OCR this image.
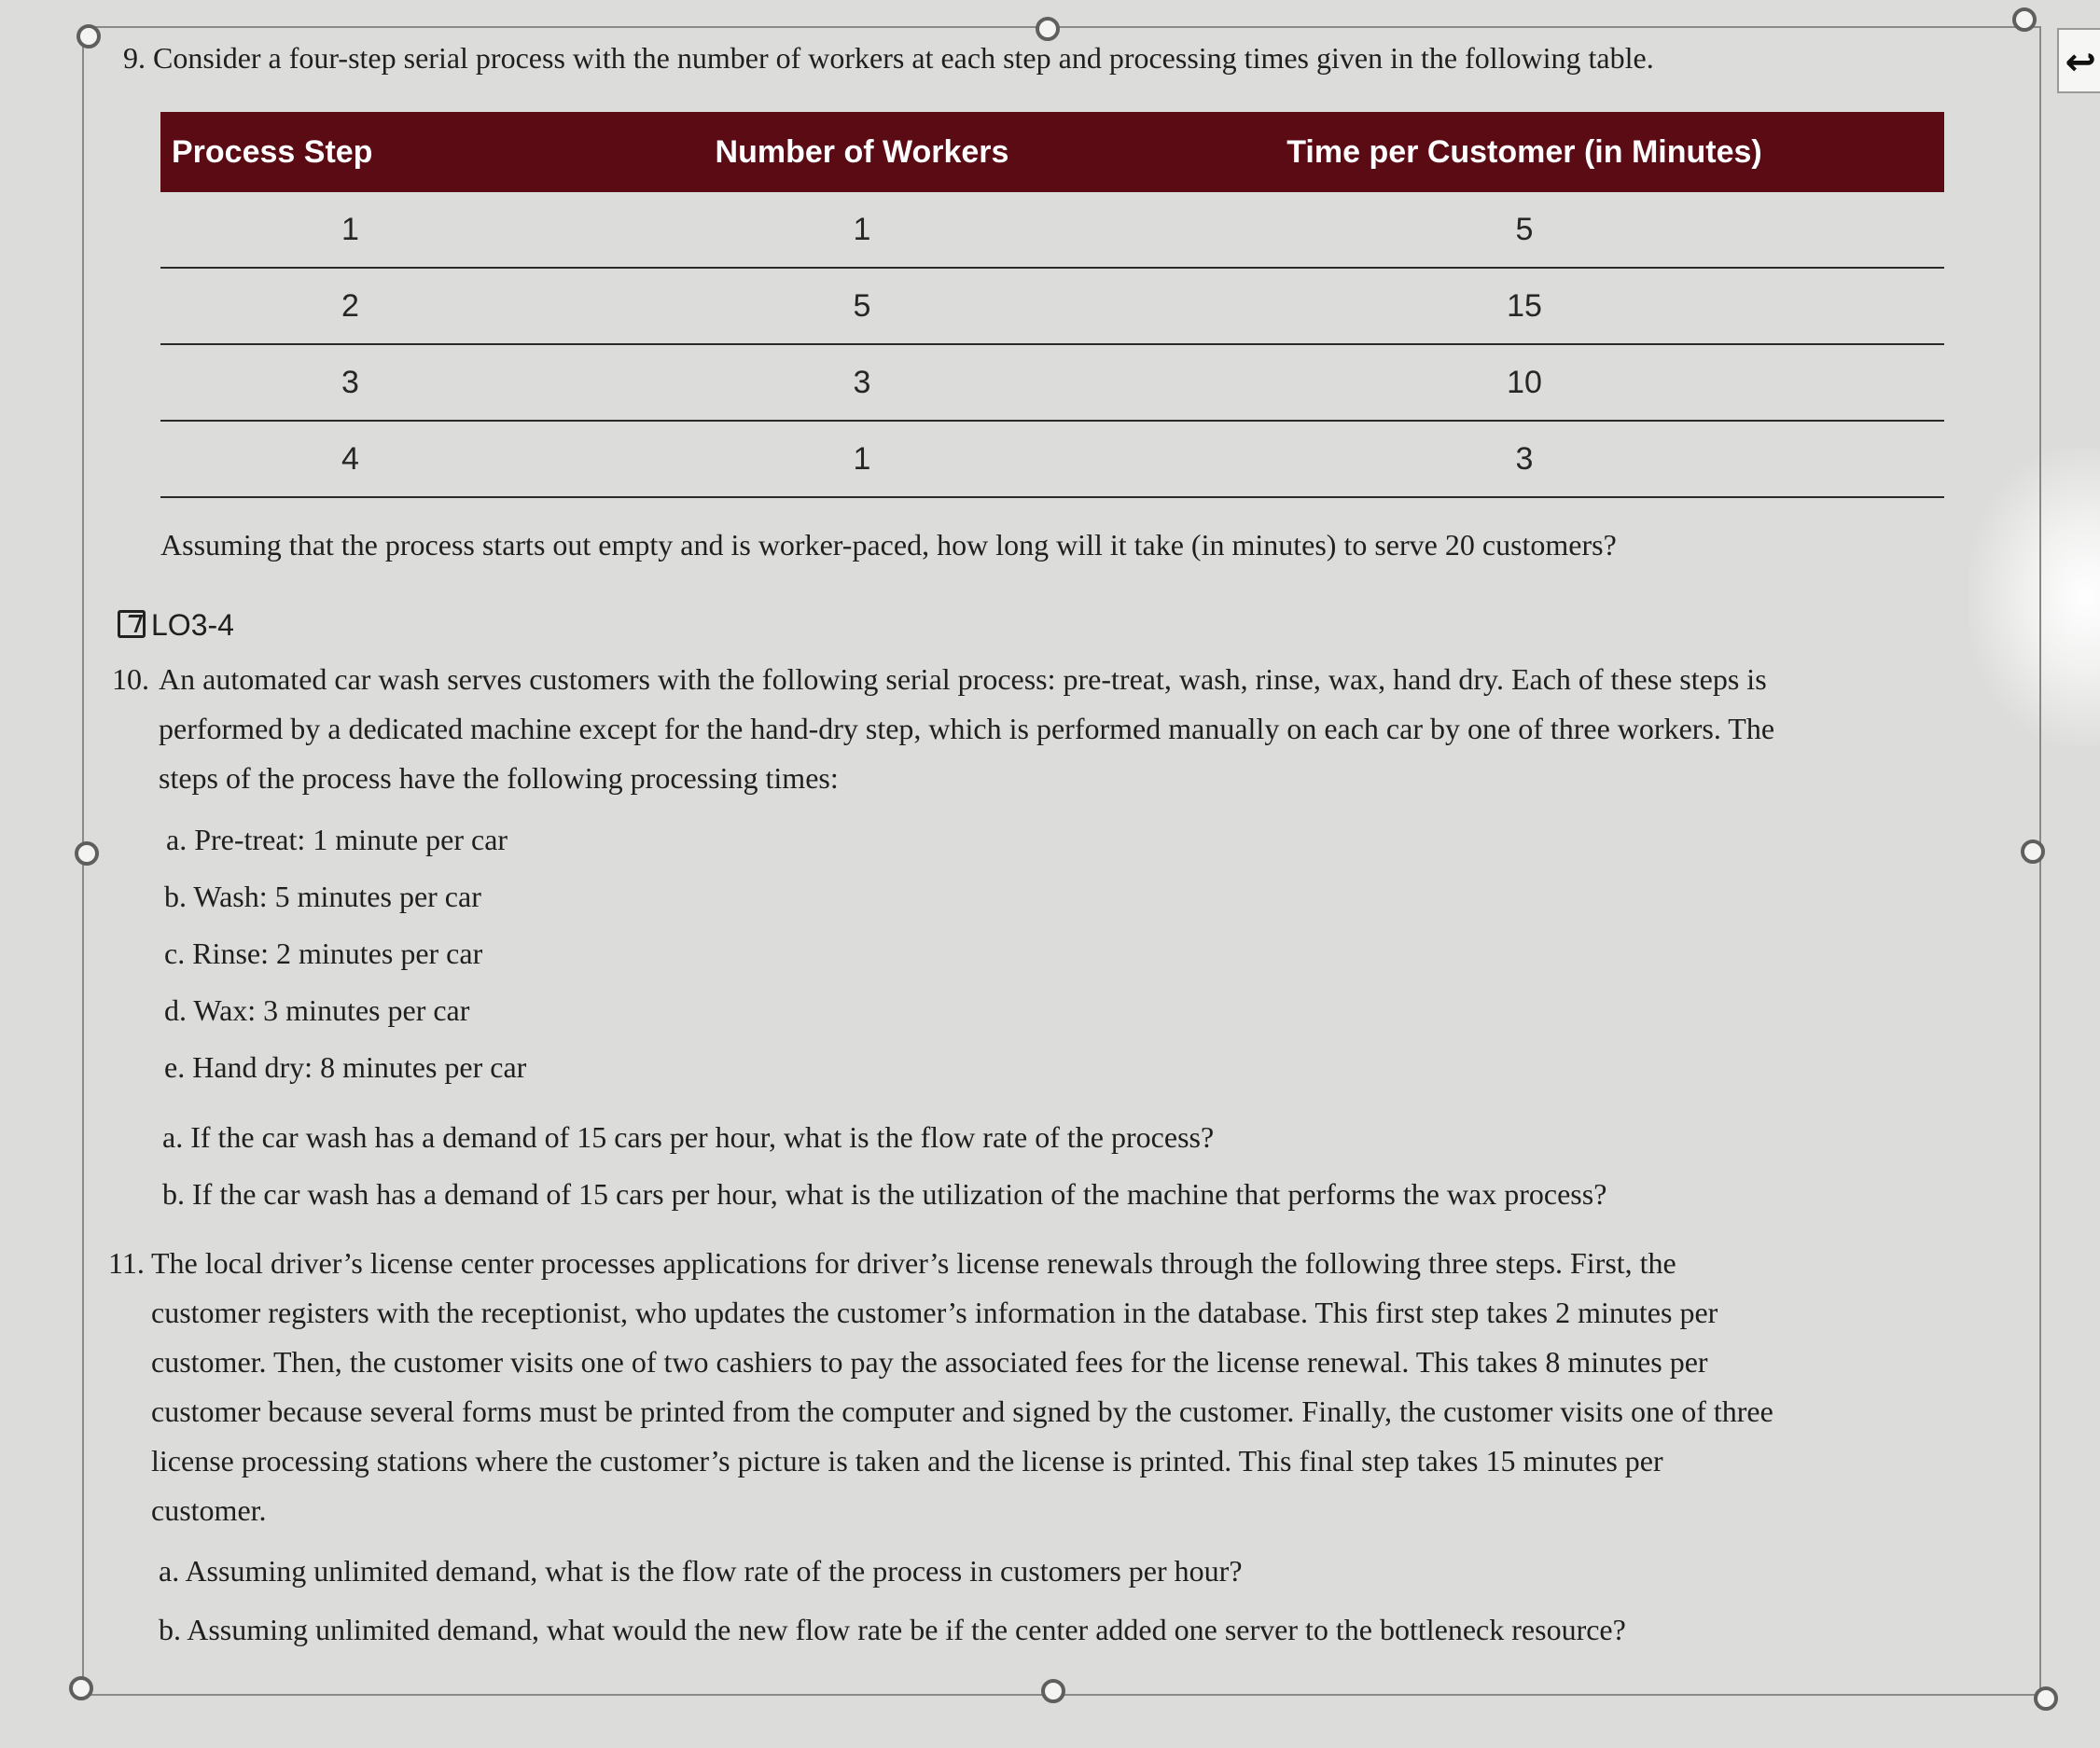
↩
9. Consider a four-step serial process with the number of workers at each step and processing times given in the following table.
Process Step	Number of Workers	Time per Customer (in Minutes)
1	1	5
2	5	15
3	3	10
4	1	3
Assuming that the process starts out empty and is worker-paced, how long will it take (in minutes) to serve 20 customers?
LO3-4
10. An automated car wash serves customers with the following serial process: pre-treat, wash, rinse, wax, hand dry. Each of these steps is
performed by a dedicated machine except for the hand-dry step, which is performed manually on each car by one of three workers. The
steps of the process have the following processing times:
a. Pre-treat: 1 minute per car
b. Wash: 5 minutes per car
c. Rinse: 2 minutes per car
d. Wax: 3 minutes per car
e. Hand dry: 8 minutes per car
a. If the car wash has a demand of 15 cars per hour, what is the flow rate of the process?
b. If the car wash has a demand of 15 cars per hour, what is the utilization of the machine that performs the wax process?
11. The local driver’s license center processes applications for driver’s license renewals through the following three steps. First, the
customer registers with the receptionist, who updates the customer’s information in the database. This first step takes 2 minutes per
customer. Then, the customer visits one of two cashiers to pay the associated fees for the license renewal. This takes 8 minutes per
customer because several forms must be printed from the computer and signed by the customer. Finally, the customer visits one of three
license processing stations where the customer’s picture is taken and the license is printed. This final step takes 15 minutes per
customer.
a. Assuming unlimited demand, what is the flow rate of the process in customers per hour?
b. Assuming unlimited demand, what would the new flow rate be if the center added one server to the bottleneck resource?
